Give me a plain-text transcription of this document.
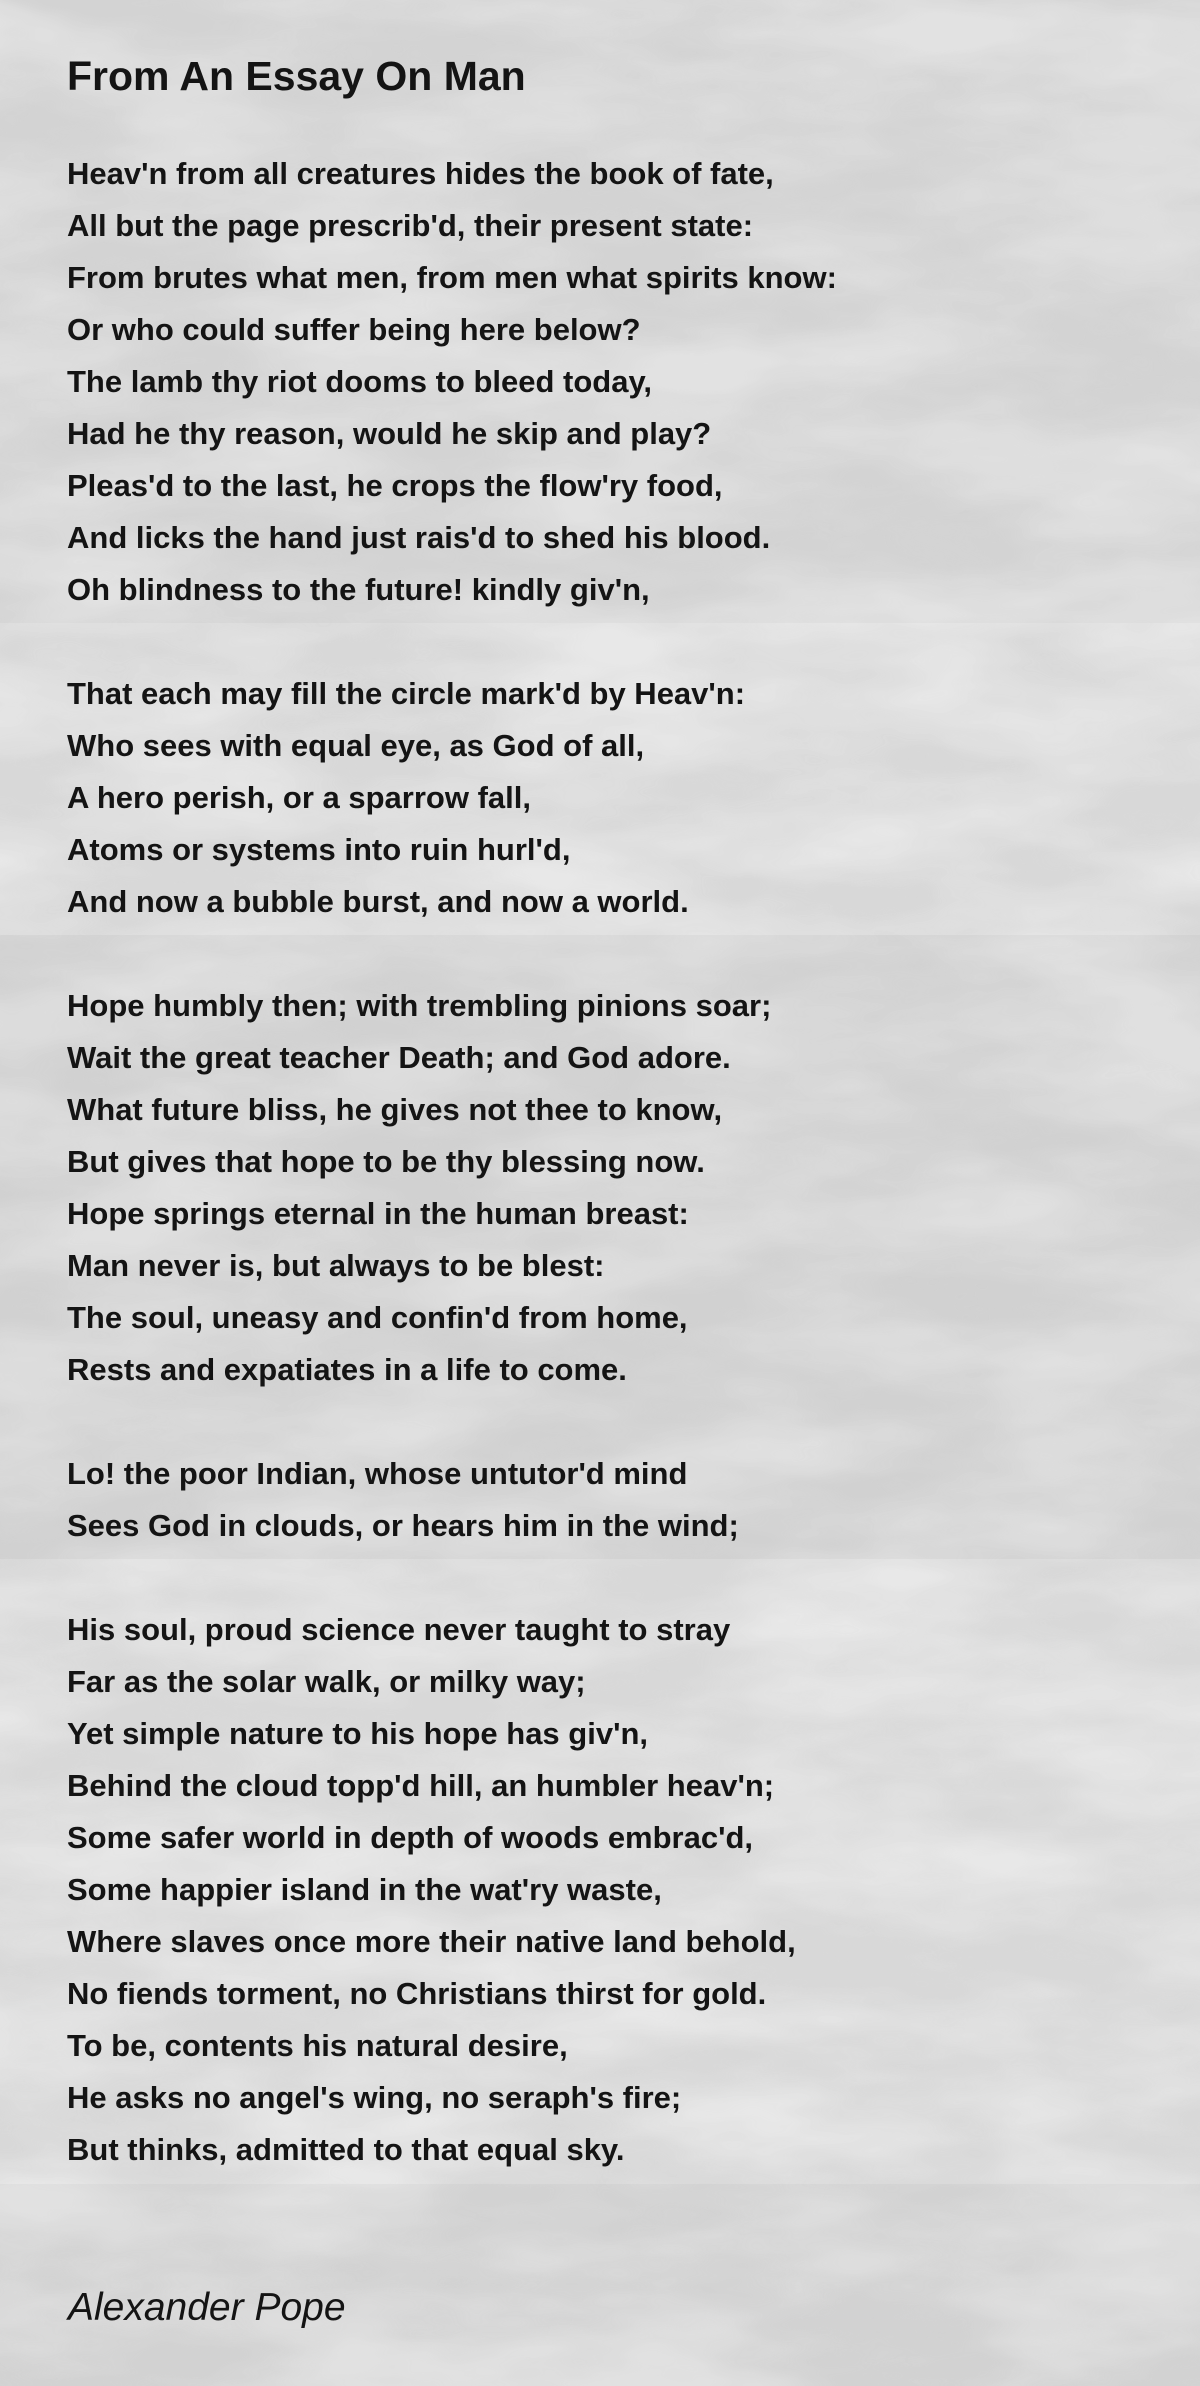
From An Essay On Man
Heav'n from all creatures hides the book of fate,
All but the page prescrib'd, their present state:
From brutes what men, from men what spirits know:
Or who could suffer being here below?
The lamb thy riot dooms to bleed today,
Had he thy reason, would he skip and play?
Pleas'd to the last, he crops the flow'ry food,
And licks the hand just rais'd to shed his blood.
Oh blindness to the future! kindly giv'n,
That each may fill the circle mark'd by Heav'n:
Who sees with equal eye, as God of all,
A hero perish, or a sparrow fall,
Atoms or systems into ruin hurl'd,
And now a bubble burst, and now a world.
Hope humbly then; with trembling pinions soar;
Wait the great teacher Death; and God adore.
What future bliss, he gives not thee to know,
But gives that hope to be thy blessing now.
Hope springs eternal in the human breast:
Man never is, but always to be blest:
The soul, uneasy and confin'd from home,
Rests and expatiates in a life to come.
Lo! the poor Indian, whose untutor'd mind
Sees God in clouds, or hears him in the wind;
His soul, proud science never taught to stray
Far as the solar walk, or milky way;
Yet simple nature to his hope has giv'n,
Behind the cloud topp'd hill, an humbler heav'n;
Some safer world in depth of woods embrac'd,
Some happier island in the wat'ry waste,
Where slaves once more their native land behold,
No fiends torment, no Christians thirst for gold.
To be, contents his natural desire,
He asks no angel's wing, no seraph's fire;
But thinks, admitted to that equal sky.
Alexander Pope
